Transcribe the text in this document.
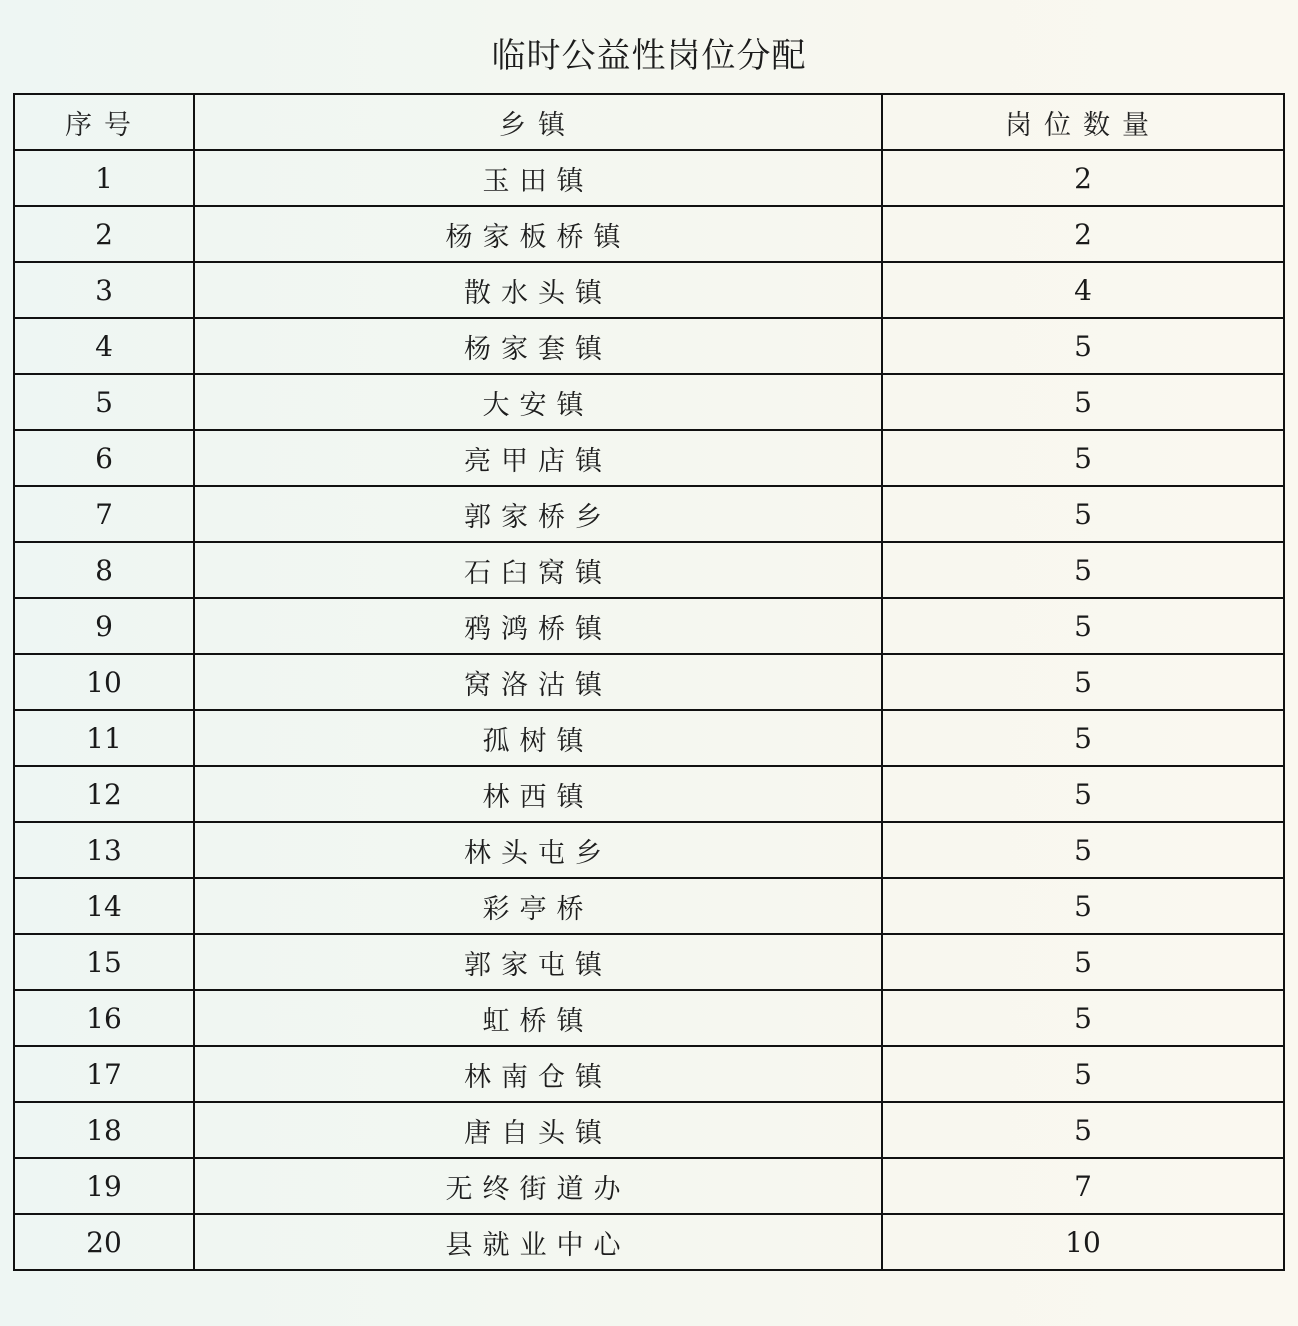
临时公益性岗位分配
序号	乡镇	岗位数量
1	玉田镇	2
2	杨家板桥镇	2
3	散水头镇	4
4	杨家套镇	5
5	大安镇	5
6	亮甲店镇	5
7	郭家桥乡	5
8	石臼窝镇	5
9	鸦鸿桥镇	5
10	窝洛沽镇	5
11	孤树镇	5
12	林西镇	5
13	林头屯乡	5
14	彩亭桥	5
15	郭家屯镇	5
16	虹桥镇	5
17	林南仓镇	5
18	唐自头镇	5
19	无终街道办	7
20	县就业中心	10
